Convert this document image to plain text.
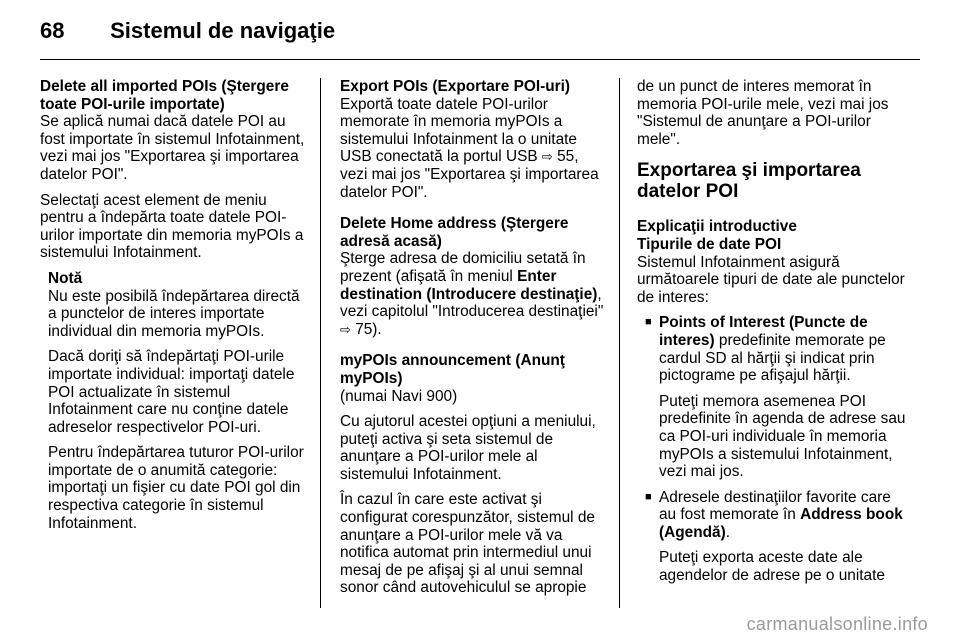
68 Sistemul de navigaţie
Delete all imported POIs (Ştergere toate POI-urile importate)

Se aplică numai dacă datele POI au fost importate în sistemul Infotainment, vezi mai jos "Exportarea şi importarea datelor POI".

Selectaţi acest element de meniu pentru a îndepărta toate datele POI-urilor importate din memoria myPOIs a sistemului Infotainment.

Notă

Nu este posibilă îndepărtarea directă a punctelor de interes importate individual din memoria myPOIs.

Dacă doriţi să îndepărtaţi POI-urile importate individual: importaţi datele POI actualizate în sistemul Infotainment care nu conţine datele adreselor respectivelor POI-uri.

Pentru îndepărtarea tuturor POI-urilor importate de o anumită categorie: importaţi un fişier cu date POI gol din respectiva categorie în sistemul Infotainment.

Export POIs (Exportare POI-uri)

Exportă toate datele POI-urilor memorate în memoria myPOIs a sistemului Infotainment la o unitate USB conectată la portul USB ⇨ 55, vezi mai jos "Exportarea şi importarea datelor POI".

Delete Home address (Ştergere adresă acasă)

Şterge adresa de domiciliu setată în prezent (afişată în meniul Enter destination (Introducere destinaţie), vezi capitolul "Introducerea destinaţiei" ⇨ 75).

myPOIs announcement (Anunţ myPOIs)

(numai Navi 900)

Cu ajutorul acestei opţiuni a meniului, puteţi activa şi seta sistemul de anunţare a POI-urilor mele al sistemului Infotainment.

În cazul în care este activat şi configurat corespunzător, sistemul de anunţare a POI-urilor mele vă va notifica automat prin intermediul unui mesaj de pe afişaj şi al unui semnal sonor când autovehiculul se apropie

de un punct de interes memorat în memoria POI-urile mele, vezi mai jos "Sistemul de anunţare a POI-urilor mele".

Exportarea şi importarea datelor POI
Explicaţii introductive
Tipurile de date POI

Sistemul Infotainment asigură următoarele tipuri de date ale punctelor de interes:

■ Points of Interest (Puncte de interes) predefinite memorate pe cardul SD al hărţii şi indicat prin pictograme pe afişajul hărţii.
Puteţi memora asemenea POI predefinite în agenda de adrese sau ca POI-uri individuale în memoria myPOIs a sistemului Infotainment, vezi mai jos.
■ Adresele destinaţiilor favorite care au fost memorate în Address book (Agendă).
Puteţi exporta aceste date ale agendelor de adrese pe o unitate
carmanualsonline.info
